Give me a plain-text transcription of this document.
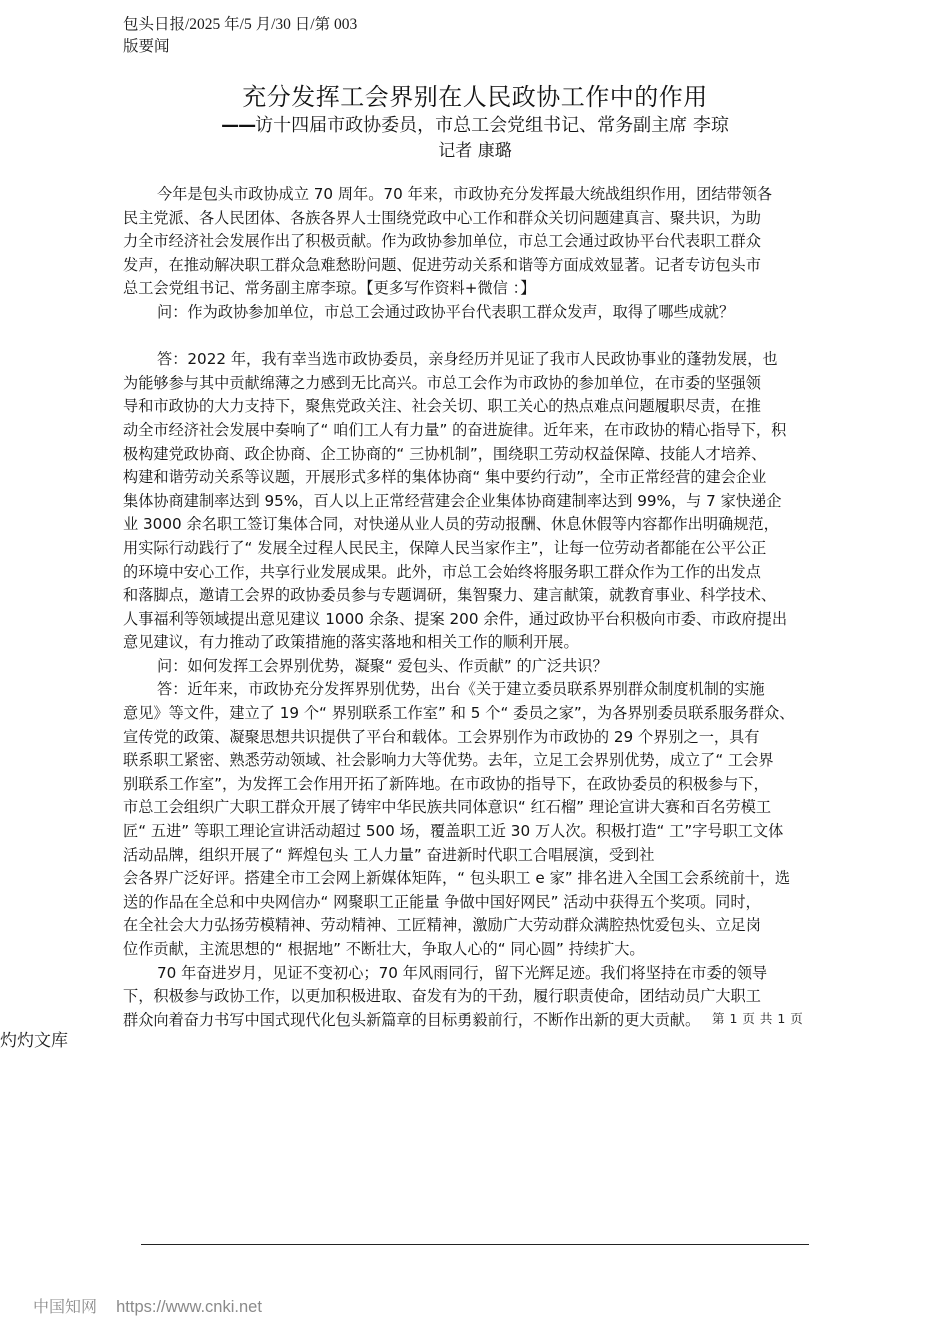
包头日报/2025 年/5 月/30 日/第 003
版要闻
充分发挥工会界别在人民政协工作中的作用
——访十四届市政协委员，市总工会党组书记、常务副主席 李琼
记者 康璐
今年是包头市政协成立 70 周年。70 年来，市政协充分发挥最大统战组织作用，团结带领各
民主党派、各人民团体、各族各界人士围绕党政中心工作和群众关切问题建真言、聚共识，为助
力全市经济社会发展作出了积极贡献。作为政协参加单位，市总工会通过政协平台代表职工群众
发声，在推动解决职工群众急难愁盼问题、促进劳动关系和谐等方面成效显著。记者专访包头市
总工会党组书记、常务副主席李琼。【更多写作资料+微信 ：】
问：作为政协参加单位，市总工会通过政协平台代表职工群众发声，取得了哪些成就？
答：2022 年，我有幸当选市政协委员，亲身经历并见证了我市人民政协事业的蓬勃发展，也
为能够参与其中贡献绵薄之力感到无比高兴。市总工会作为市政协的参加单位，在市委的坚强领
导和市政协的大力支持下，聚焦党政关注、社会关切、职工关心的热点难点问题履职尽责，在推
动全市经济社会发展中奏响了“ 咱们工人有力量” 的奋进旋律。近年来，在市政协的精心指导下，积
极构建党政协商、政企协商、企工协商的“ 三协机制”，围绕职工劳动权益保障、技能人才培养、
构建和谐劳动关系等议题，开展形式多样的集体协商“ 集中要约行动”，全市正常经营的建会企业
集体协商建制率达到 95%，百人以上正常经营建会企业集体协商建制率达到 99%，与 7 家快递企
业 3000 余名职工签订集体合同，对快递从业人员的劳动报酬、休息休假等内容都作出明确规范，
用实际行动践行了“ 发展全过程人民民主，保障人民当家作主”，让每一位劳动者都能在公平公正
的环境中安心工作，共享行业发展成果。此外，市总工会始终将服务职工群众作为工作的出发点
和落脚点，邀请工会界的政协委员参与专题调研，集智聚力、建言献策，就教育事业、科学技术、
人事福利等领域提出意见建议 1000 余条、提案 200 余件，通过政协平台积极向市委、市政府提出
意见建议，有力推动了政策措施的落实落地和相关工作的顺利开展。
问：如何发挥工会界别优势，凝聚“ 爱包头、作贡献” 的广泛共识？
答：近年来，市政协充分发挥界别优势，出台《关于建立委员联系界别群众制度机制的实施
意见》等文件，建立了 19 个“ 界别联系工作室” 和 5 个“ 委员之家”，为各界别委员联系服务群众、
宣传党的政策、凝聚思想共识提供了平台和载体。工会界别作为市政协的 29 个界别之一，具有
联系职工紧密、熟悉劳动领域、社会影响力大等优势。去年，立足工会界别优势，成立了“ 工会界
别联系工作室”，为发挥工会作用开拓了新阵地。在市政协的指导下，在政协委员的积极参与下，
市总工会组织广大职工群众开展了铸牢中华民族共同体意识“ 红石榴” 理论宣讲大赛和百名劳模工
匠“ 五进” 等职工理论宣讲活动超过 500 场，覆盖职工近 30 万人次。积极打造“ 工”字号职工文体
活动品牌，组织开展了“ 辉煌包头 工人力量” 奋进新时代职工合唱展演，受到社
会各界广泛好评。搭建全市工会网上新媒体矩阵，“ 包头职工 e 家” 排名进入全国工会系统前十，选
送的作品在全总和中央网信办“ 网聚职工正能量 争做中国好网民” 活动中获得五个奖项。同时，
在全社会大力弘扬劳模精神、劳动精神、工匠精神，激励广大劳动群众满腔热忱爱包头、立足岗
位作贡献，主流思想的“ 根据地” 不断壮大，争取人心的“ 同心圆” 持续扩大。
70 年奋进岁月，见证不变初心；70 年风雨同行，留下光辉足迹。我们将坚持在市委的领导
下，积极参与政协工作，以更加积极进取、奋发有为的干劲，履行职责使命，团结动员广大职工
群众向着奋力书写中国式现代化包头新篇章的目标勇毅前行，不断作出新的更大贡献。 第 1 页 共 1 页
灼灼文库
中国知网 https://www.cnki.net
